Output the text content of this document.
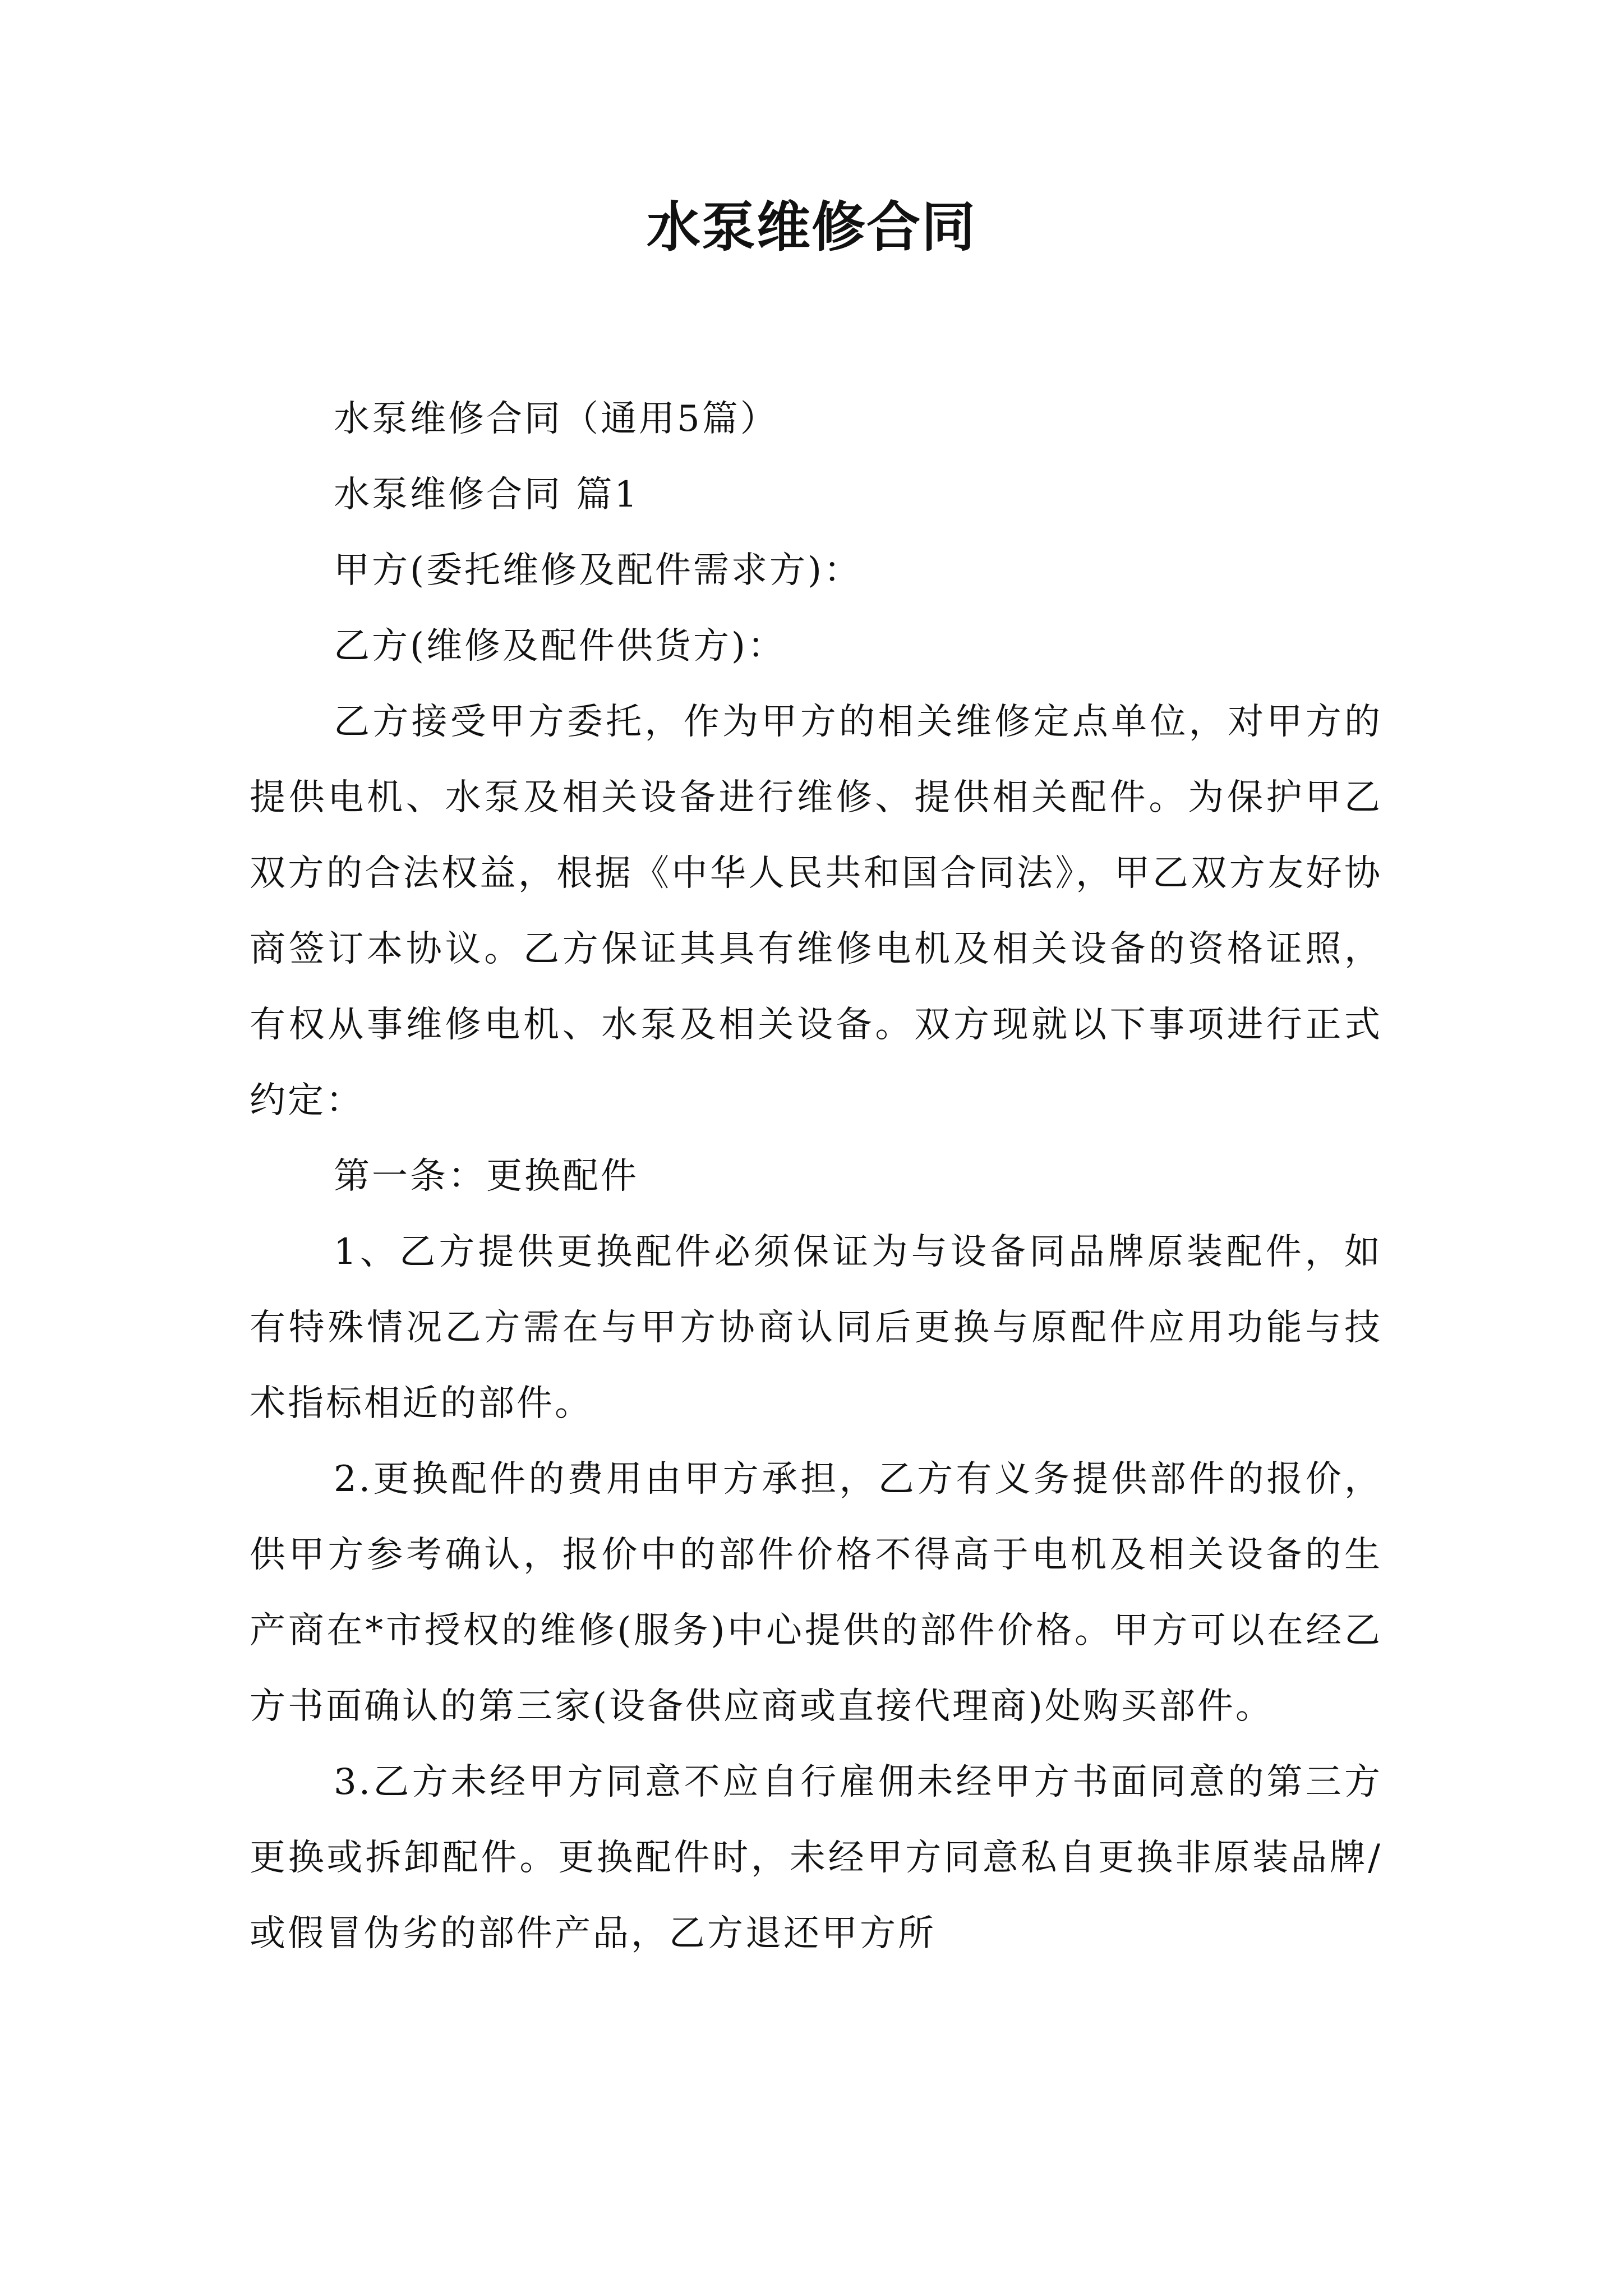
水泵维修合同

水泵维修合同（通用5篇）

水泵维修合同 篇1

甲方(委托维修及配件需求方)：

乙方(维修及配件供货方)：

乙方接受甲方委托，作为甲方的相关维修定点单位，对甲方的提供电机、水泵及相关设备进行维修、提供相关配件。为保护甲乙双方的合法权益，根据《中华人民共和国合同法》，甲乙双方友好协商签订本协议。乙方保证其具有维修电机及相关设备的资格证照，有权从事维修电机、水泵及相关设备。双方现就以下事项进行正式约定：

第一条：更换配件

1、乙方提供更换配件必须保证为与设备同品牌原装配件，如有特殊情况乙方需在与甲方协商认同后更换与原配件应用功能与技术指标相近的部件。

2.更换配件的费用由甲方承担，乙方有义务提供部件的报价，供甲方参考确认，报价中的部件价格不得高于电机及相关设备的生产商在*市授权的维修(服务)中心提供的部件价格。甲方可以在经乙方书面确认的第三家(设备供应商或直接代理商)处购买部件。

3.乙方未经甲方同意不应自行雇佣未经甲方书面同意的第三方更换或拆卸配件。更换配件时，未经甲方同意私自更换非原装品牌/或假冒伪劣的部件产品，乙方退还甲方所
